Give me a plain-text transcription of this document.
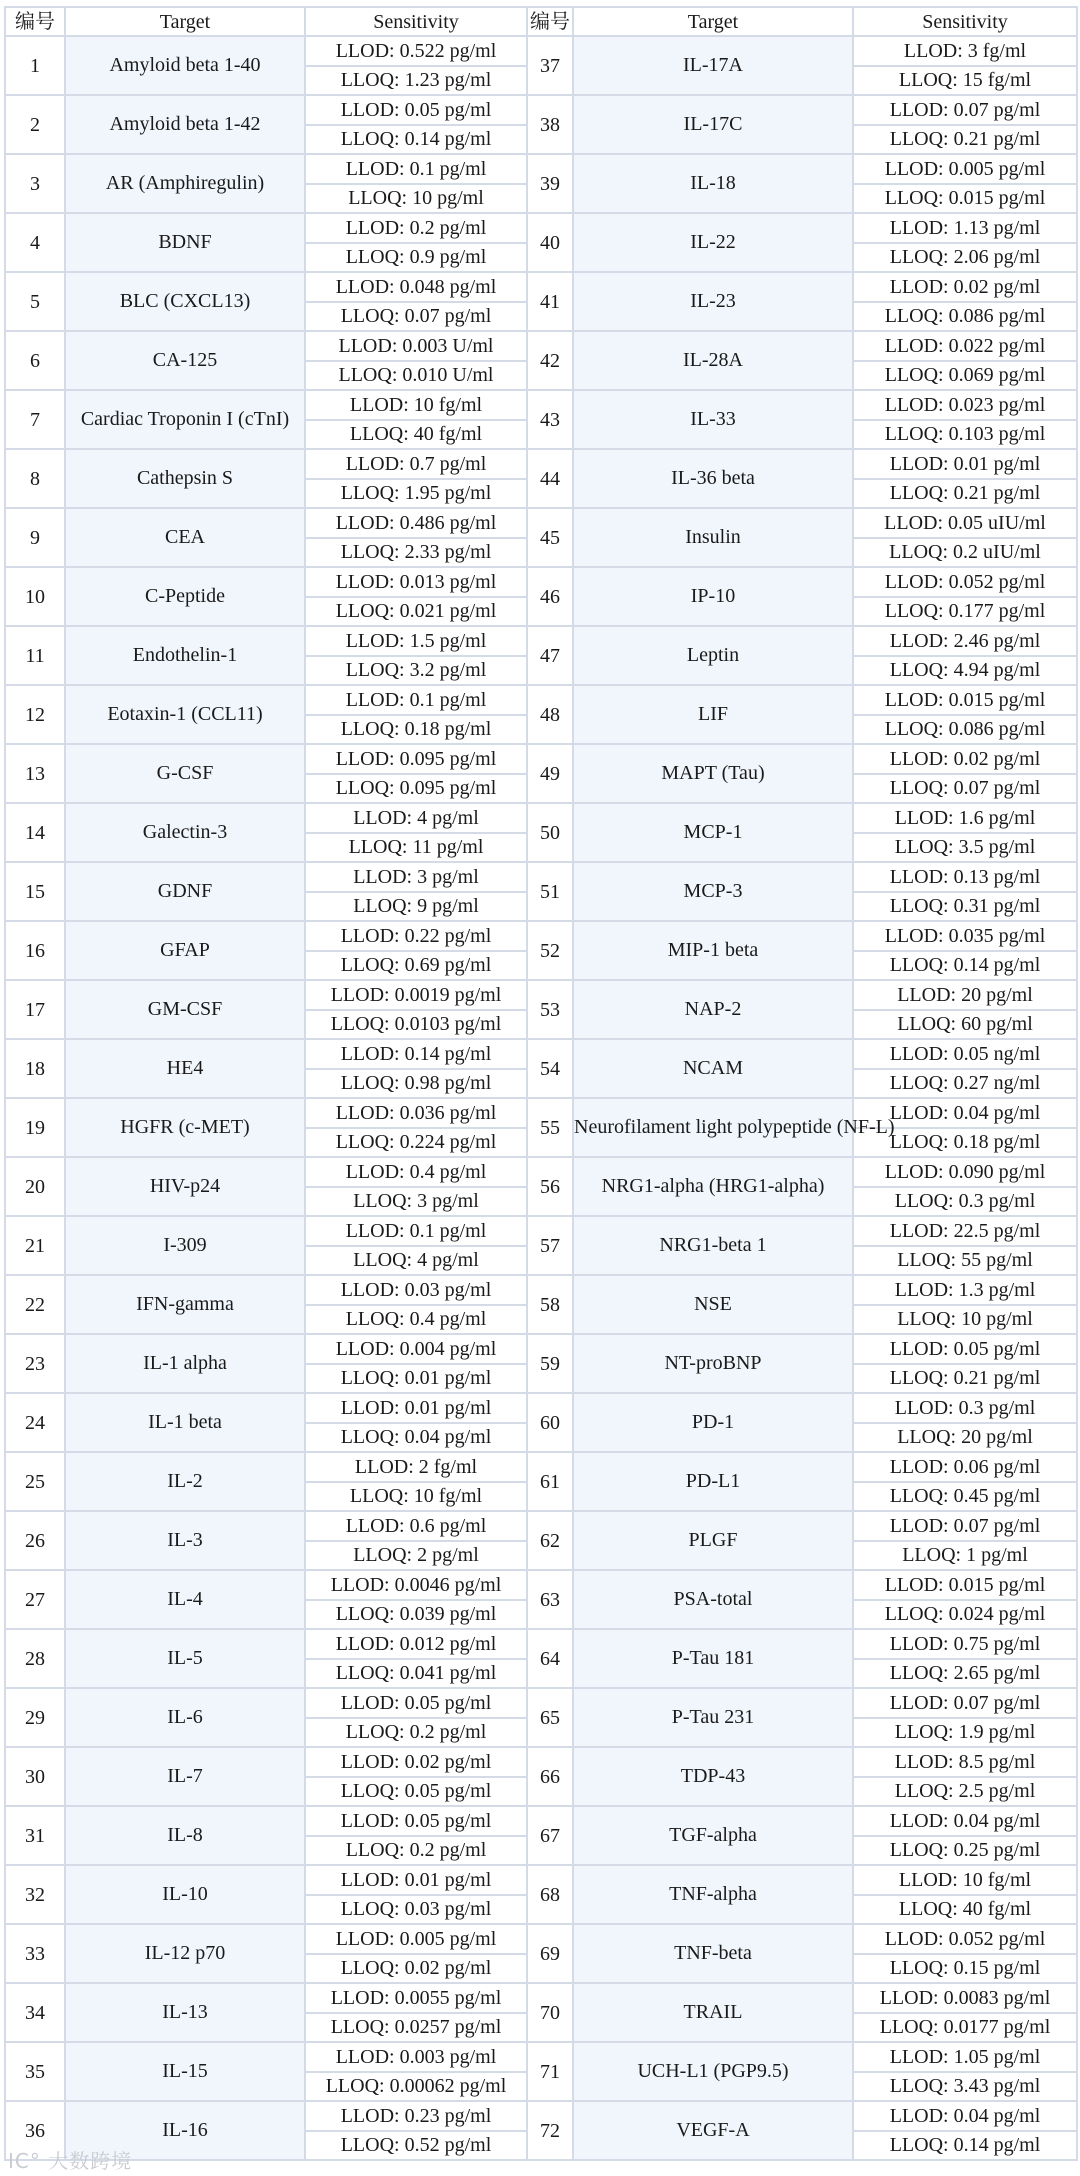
编号	Target	Sensitivity	编号	Target	Sensitivity
1	Amyloid beta 1-40	LLOD: 0.522 pg/ml	37	IL-17A	LLOD: 3 fg/ml
		LLOQ: 1.23 pg/ml			LLOQ: 15 fg/ml
2	Amyloid beta 1-42	LLOD: 0.05 pg/ml	38	IL-17C	LLOD: 0.07 pg/ml
		LLOQ: 0.14 pg/ml			LLOQ: 0.21 pg/ml
3	AR (Amphiregulin)	LLOD: 0.1 pg/ml	39	IL-18	LLOD: 0.005 pg/ml
		LLOQ: 10 pg/ml			LLOQ: 0.015 pg/ml
4	BDNF	LLOD: 0.2 pg/ml	40	IL-22	LLOD: 1.13 pg/ml
		LLOQ: 0.9 pg/ml			LLOQ: 2.06 pg/ml
5	BLC (CXCL13)	LLOD: 0.048 pg/ml	41	IL-23	LLOD: 0.02 pg/ml
		LLOQ: 0.07 pg/ml			LLOQ: 0.086 pg/ml
6	CA-125	LLOD: 0.003 U/ml	42	IL-28A	LLOD: 0.022 pg/ml
		LLOQ: 0.010 U/ml			LLOQ: 0.069 pg/ml
7	Cardiac Troponin I (cTnI)	LLOD: 10 fg/ml	43	IL-33	LLOD: 0.023 pg/ml
		LLOQ: 40 fg/ml			LLOQ: 0.103 pg/ml
8	Cathepsin S	LLOD: 0.7 pg/ml	44	IL-36 beta	LLOD: 0.01 pg/ml
		LLOQ: 1.95 pg/ml			LLOQ: 0.21 pg/ml
9	CEA	LLOD: 0.486 pg/ml	45	Insulin	LLOD: 0.05 uIU/ml
		LLOQ: 2.33 pg/ml			LLOQ: 0.2 uIU/ml
10	C-Peptide	LLOD: 0.013 pg/ml	46	IP-10	LLOD: 0.052 pg/ml
		LLOQ: 0.021 pg/ml			LLOQ: 0.177 pg/ml
11	Endothelin-1	LLOD: 1.5 pg/ml	47	Leptin	LLOD: 2.46 pg/ml
		LLOQ: 3.2 pg/ml			LLOQ: 4.94 pg/ml
12	Eotaxin-1 (CCL11)	LLOD: 0.1 pg/ml	48	LIF	LLOD: 0.015 pg/ml
		LLOQ: 0.18 pg/ml			LLOQ: 0.086 pg/ml
13	G-CSF	LLOD: 0.095 pg/ml	49	MAPT (Tau)	LLOD: 0.02 pg/ml
		LLOQ: 0.095 pg/ml			LLOQ: 0.07 pg/ml
14	Galectin-3	LLOD: 4 pg/ml	50	MCP-1	LLOD: 1.6 pg/ml
		LLOQ: 11 pg/ml			LLOQ: 3.5 pg/ml
15	GDNF	LLOD: 3 pg/ml	51	MCP-3	LLOD: 0.13 pg/ml
		LLOQ: 9 pg/ml			LLOQ: 0.31 pg/ml
16	GFAP	LLOD: 0.22 pg/ml	52	MIP-1 beta	LLOD: 0.035 pg/ml
		LLOQ: 0.69 pg/ml			LLOQ: 0.14 pg/ml
17	GM-CSF	LLOD: 0.0019 pg/ml	53	NAP-2	LLOD: 20 pg/ml
		LLOQ: 0.0103 pg/ml			LLOQ: 60 pg/ml
18	HE4	LLOD: 0.14 pg/ml	54	NCAM	LLOD: 0.05 ng/ml
		LLOQ: 0.98 pg/ml			LLOQ: 0.27 ng/ml
19	HGFR (c-MET)	LLOD: 0.036 pg/ml	55	Neurofilament light polypeptide (NF-L)	LLOD: 0.04 pg/ml
		LLOQ: 0.224 pg/ml			LLOQ: 0.18 pg/ml
20	HIV-p24	LLOD: 0.4 pg/ml	56	NRG1-alpha (HRG1-alpha)	LLOD: 0.090 pg/ml
		LLOQ: 3 pg/ml			LLOQ: 0.3 pg/ml
21	I-309	LLOD: 0.1 pg/ml	57	NRG1-beta 1	LLOD: 22.5 pg/ml
		LLOQ: 4 pg/ml			LLOQ: 55 pg/ml
22	IFN-gamma	LLOD: 0.03 pg/ml	58	NSE	LLOD: 1.3 pg/ml
		LLOQ: 0.4 pg/ml			LLOQ: 10 pg/ml
23	IL-1 alpha	LLOD: 0.004 pg/ml	59	NT-proBNP	LLOD: 0.05 pg/ml
		LLOQ: 0.01 pg/ml			LLOQ: 0.21 pg/ml
24	IL-1 beta	LLOD: 0.01 pg/ml	60	PD-1	LLOD: 0.3 pg/ml
		LLOQ: 0.04 pg/ml			LLOQ: 20 pg/ml
25	IL-2	LLOD: 2 fg/ml	61	PD-L1	LLOD: 0.06 pg/ml
		LLOQ: 10 fg/ml			LLOQ: 0.45 pg/ml
26	IL-3	LLOD: 0.6 pg/ml	62	PLGF	LLOD: 0.07 pg/ml
		LLOQ: 2 pg/ml			LLOQ: 1 pg/ml
27	IL-4	LLOD: 0.0046 pg/ml	63	PSA-total	LLOD: 0.015 pg/ml
		LLOQ: 0.039 pg/ml			LLOQ: 0.024 pg/ml
28	IL-5	LLOD: 0.012 pg/ml	64	P-Tau 181	LLOD: 0.75 pg/ml
		LLOQ: 0.041 pg/ml			LLOQ: 2.65 pg/ml
29	IL-6	LLOD: 0.05 pg/ml	65	P-Tau 231	LLOD: 0.07 pg/ml
		LLOQ: 0.2 pg/ml			LLOQ: 1.9 pg/ml
30	IL-7	LLOD: 0.02 pg/ml	66	TDP-43	LLOD: 8.5 pg/ml
		LLOQ: 0.05 pg/ml			LLOQ: 2.5 pg/ml
31	IL-8	LLOD: 0.05 pg/ml	67	TGF-alpha	LLOD: 0.04 pg/ml
		LLOQ: 0.2 pg/ml			LLOQ: 0.25 pg/ml
32	IL-10	LLOD: 0.01 pg/ml	68	TNF-alpha	LLOD: 10 fg/ml
		LLOQ: 0.03 pg/ml			LLOQ: 40 fg/ml
33	IL-12 p70	LLOD: 0.005 pg/ml	69	TNF-beta	LLOD: 0.052 pg/ml
		LLOQ: 0.02 pg/ml			LLOQ: 0.15 pg/ml
34	IL-13	LLOD: 0.0055 pg/ml	70	TRAIL	LLOD: 0.0083 pg/ml
		LLOQ: 0.0257 pg/ml			LLOQ: 0.0177 pg/ml
35	IL-15	LLOD: 0.003 pg/ml	71	UCH-L1 (PGP9.5)	LLOD: 1.05 pg/ml
		LLOQ: 0.00062 pg/ml			LLOQ: 3.43 pg/ml
36	IL-16	LLOD: 0.23 pg/ml	72	VEGF-A	LLOD: 0.04 pg/ml
		LLOQ: 0.52 pg/ml			LLOQ: 0.14 pg/ml
IC° 大数跨境
